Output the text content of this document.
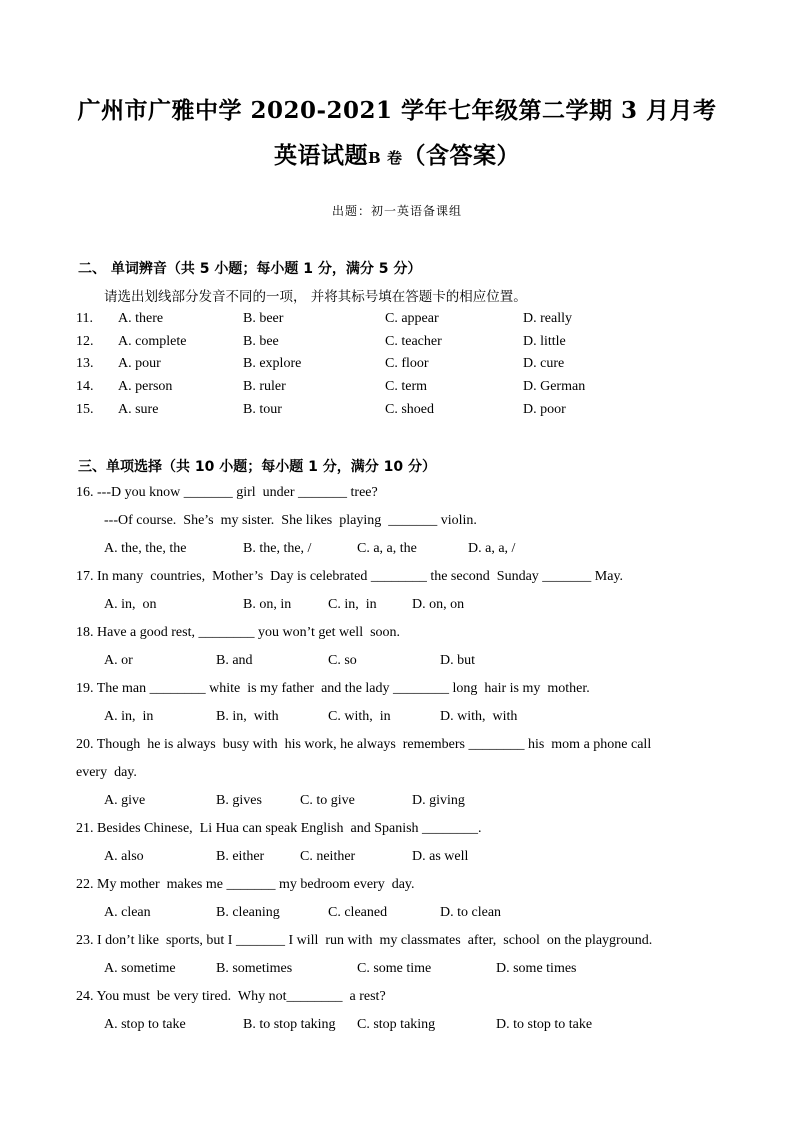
广州市广雅中学 2020-2021 学年七年级第二学期 3 月月考
英语试题B 卷（含答案）
出题：初一英语备课组
二、 单词辨音（共 5 小题；每小题 1 分，满分 5 分）
请选出划线部分发音不同的一项， 并将其标号填在答题卡的相应位置。
11. A. there	B. beer	C. appear	D. really
12. A. complete	B. bee	C. teacher	D. little
13. A. pour	B. explore	C. floor	D. cure
14. A. person	B. ruler	C. term	D. German
15. A. sure	B. tour	C. shoed	D. poor
三、单项选择（共 10 小题；每小题 1 分，满分 10 分）
16. ---D you know _______ girl  under _______ tree?
---Of course.  She’s  my sister.  She likes  playing  _______ violin.
A. the, the, the	B. the, the, /	C. a, a, the	D. a, a, /
17. In many  countries,  Mother’s  Day is celebrated ________ the second  Sunday _______ May.
A. in,  on	B. on, in	C. in,  in	D. on, on
18. Have a good rest, ________ you won’t get well  soon.
A. or	B. and	C. so	D. but
19. The man ________ white  is my father  and the lady ________ long  hair is my  mother.
A. in,  in	B. in,  with	C. with,  in	D. with,  with
20. Though  he is always  busy with  his work, he always  remembers ________ his  mom a phone call
every  day.
A. give	B. gives	C. to give	D. giving
21. Besides Chinese,  Li Hua can speak English  and Spanish ________.
A. also	B. either	C. neither	D. as well
22. My mother  makes me _______ my bedroom every  day.
A. clean	B. cleaning	C. cleaned	D. to clean
23. I don’t like  sports, but I _______ I will  run with  my classmates  after,  school  on the playground.
A. sometime	B. sometimes	C. some time	D. some times
24. You must  be very tired.  Why not________  a rest?
A. stop to take	B. to stop taking C. stop taking	D. to stop to take
